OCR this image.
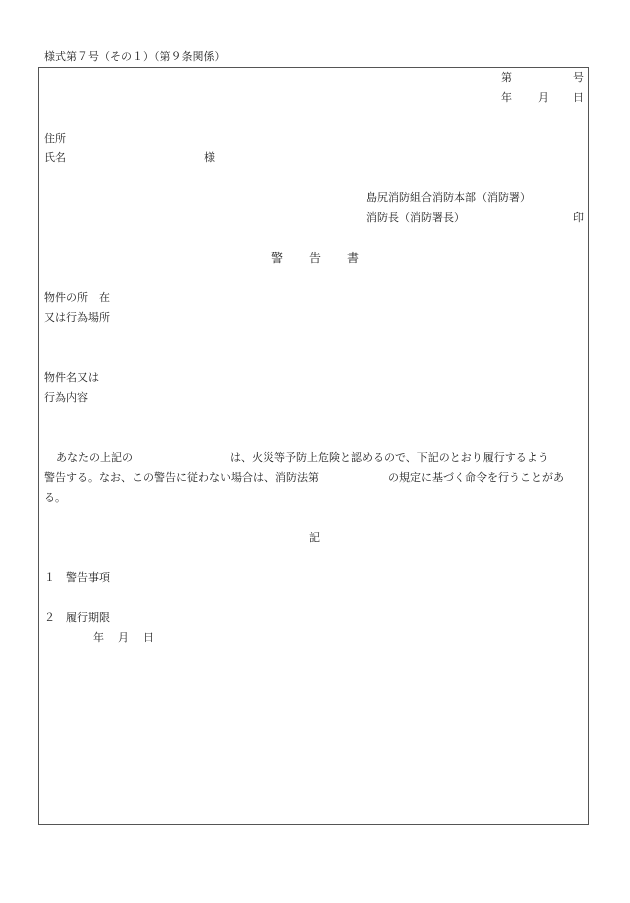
様式第７号（その１）（第９条関係）
第	号
年 月 日
住所
氏名	様
島尻消防組合消防本部（消防署）
消防長（消防署長）	印
警 告 書
物件の所　在
又は行為場所
物件名又は
行為内容
あなたの上記の	は、火災等予防上危険と認めるので、下記のとおり履行するよう
警告する。なお、この警告に従わない場合は、消防法第	の規定に基づく命令を行うことがあ
る。
記
１　警告事項
２　履行期限
年 月 日
